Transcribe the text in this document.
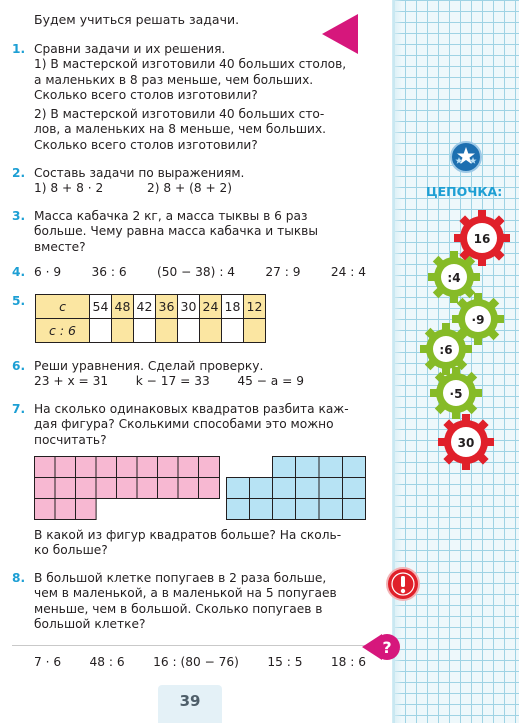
Будем учиться решать задачи.
1. Сравни задачи и их решения.
1) В мастерской изготовили 40 больших столов,
а маленьких в 8 раз меньше, чем больших.
Сколько всего столов изготовили?
2) В мастерской изготовили 40 больших сто-
лов, а маленьких на 8 меньше, чем больших.
Сколько всего столов изготовили?
2. Составь задачи по выражениям.
1) 8 + 8 · 2	2) 8 + (8 + 2)
3. Масса кабачка 2 кг, а масса тыквы в 6 раз
больше. Чему равна масса кабачка и тыквы
вместе?
4. 6 · 9 36 : 6 (50 − 38) : 4 27 : 9 24 : 4
5.	c	54	48	42	36	30	24	18	12
c : 6								
6. Реши уравнения. Сделай проверку.
23 + x = 31 k − 17 = 33 45 − a = 9
7. На сколько одинаковых квадратов разбита каж-
дая фигура? Сколькими способами это можно
посчитать?
В какой из фигур квадратов больше? На сколь-
ко больше?
8. В большой клетке попугаев в 2 раза больше,
чем в маленькой, а в маленькой на 5 попугаев
меньше, чем в большой. Сколько попугаев в
большой клетке?
?
7 · 6 48 : 6 16 : (80 − 76) 15 : 5 18 : 6
39
ЦЕПОЧКА:
16
:4
·9
:6
·5
30
